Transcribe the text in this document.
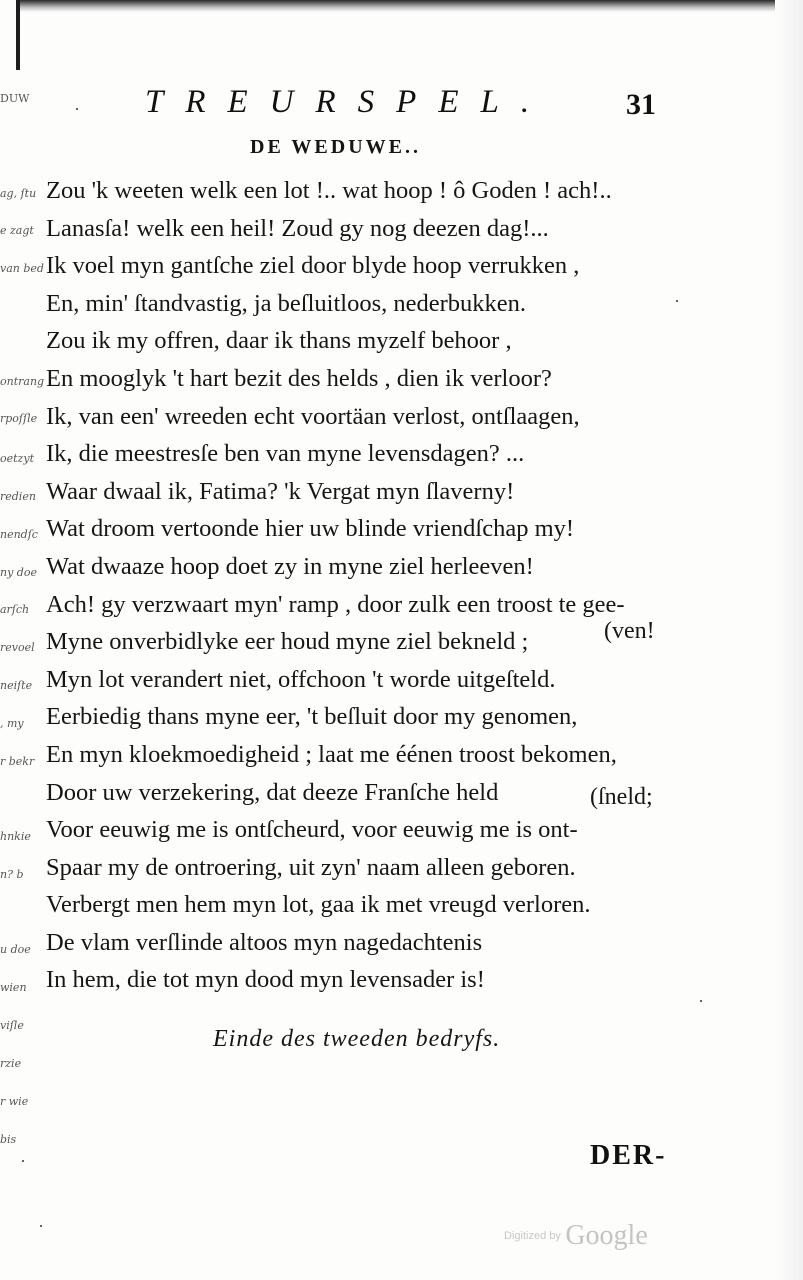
DUW
ag, ſtu
e zagt
van bed
ontrang
rpoſſle
oetzyt
redien
nendſc
ny doe
arſch
revoel
neiſte
, my
r bekr
hnkie
n? b
u doe
wien
viſle
rzie
r wie
bis
TREURSPEL. 31
DE WEDUWE..
Zou 'k weeten welk een lot !.. wat hoop ! ô Goden ! ach!..
Lanasſa! welk een heil! Zoud gy nog deezen dag!...
Ik voel myn gantſche ziel door blyde hoop verrukken ,
En, min' ſtandvastig, ja beſluitloos, nederbukken.
Zou ik my offren, daar ik thans myzelf behoor ,
En mooglyk 't hart bezit des helds , dien ik verloor?
Ik, van een' wreeden echt voortäan verlost, ontſlaagen,
Ik, die meestresſe ben van myne levensdagen? ...
Waar dwaal ik, Fatima? 'k Vergat myn ſlaverny!
Wat droom vertoonde hier uw blinde vriendſchap my!
Wat dwaaze hoop doet zy in myne ziel herleeven!
Ach! gy verzwaart myn' ramp , door zulk een troost te gee-
Myne onverbidlyke eer houd myne ziel bekneld ;
Myn lot verandert niet, offchoon 't worde uitgeſteld.
Eerbiedig thans myne eer, 't beſluit door my genomen,
En myn kloekmoedigheid ; laat me éénen troost bekomen,
Door uw verzekering, dat deeze Franſche held
Voor eeuwig me is ontſcheurd, voor eeuwig me is ont-
Spaar my de ontroering, uit zyn' naam alleen geboren.
Verbergt men hem myn lot, gaa ik met vreugd verloren.
De vlam verſlinde altoos myn nagedachtenis
In hem, die tot myn dood myn levensader is!
(ven!
(ſneld;
Einde des tweeden bedryfs.
DER-
Digitized by Google
